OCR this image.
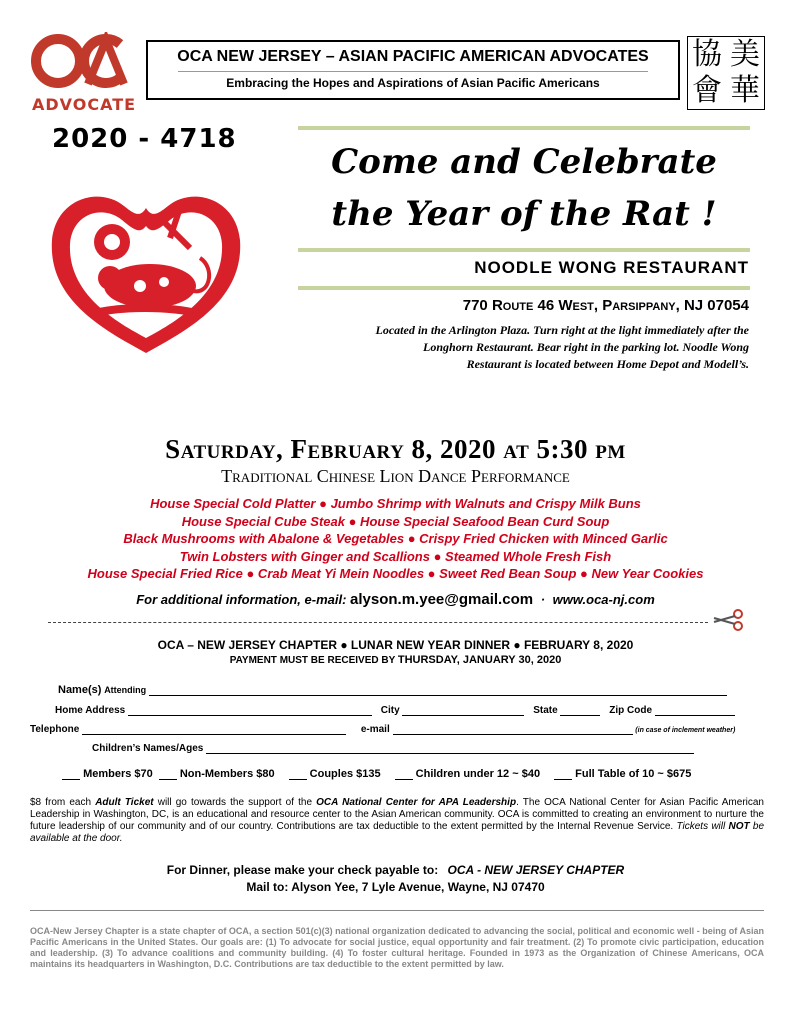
ADVOCATE
OCA NEW JERSEY – ASIAN PACIFIC AMERICAN ADVOCATES
Embracing the Hopes and Aspirations of Asian Pacific Americans
協 美
會 華
2020 - 4718
Come and Celebrate
the Year of the Rat !
NOODLE WONG RESTAURANT
770 Route 46 West, Parsippany, NJ 07054
Located in the Arlington Plaza. Turn right at the light immediately after the
Longhorn Restaurant. Bear right in the parking lot. Noodle Wong
Restaurant is located between Home Depot and Modell’s.
Saturday, February 8, 2020 at 5:30 pm
Traditional Chinese Lion Dance Performance
House Special Cold Platter ● Jumbo Shrimp with Walnuts and Crispy Milk Buns
House Special Cube Steak ● House Special Seafood Bean Curd Soup
Black Mushrooms with Abalone & Vegetables ● Crispy Fried Chicken with Minced Garlic
Twin Lobsters with Ginger and Scallions ● Steamed Whole Fresh Fish
House Special Fried Rice ● Crab Meat Yi Mein Noodles ● Sweet Red Bean Soup ● New Year Cookies
For additional information, e-mail: alyson.m.yee@gmail.com · www.oca-nj.com
OCA – NEW JERSEY CHAPTER ● LUNAR NEW YEAR DINNER ● FEBRUARY 8, 2020
PAYMENT MUST BE RECEIVED BY THURSDAY, JANUARY 30, 2020
Name(s) Attending
Home Address	City	State	Zip Code
Telephone	e-mail	(in case of inclement weather)
Children’s Names/Ages
Members $70	Non-Members $80	Couples $135	Children under 12 ~ $40	Full Table of 10 ~ $675
$8 from each Adult Ticket will go towards the support of the OCA National Center for APA Leadership. The OCA National Center for Asian Pacific American Leadership in Washington, DC, is an educational and resource center to the Asian American community. OCA is committed to creating an environment to nurture the future leadership of our community and of our country. Contributions are tax deductible to the extent permitted by the Internal Revenue Service. Tickets will NOT be available at the door.
For Dinner, please make your check payable to: OCA - NEW JERSEY CHAPTER
Mail to: Alyson Yee, 7 Lyle Avenue, Wayne, NJ 07470
OCA-New Jersey Chapter is a state chapter of OCA, a section 501(c)(3) national organization dedicated to advancing the social, political and economic well - being of Asian Pacific Americans in the United States. Our goals are: (1) To advocate for social justice, equal opportunity and fair treatment. (2) To promote civic participation, education and leadership. (3) To advance coalitions and community building. (4) To foster cultural heritage. Founded in 1973 as the Organization of Chinese Americans, OCA maintains its headquarters in Washington, D.C. Contributions are tax deductible to the extent permitted by law.
